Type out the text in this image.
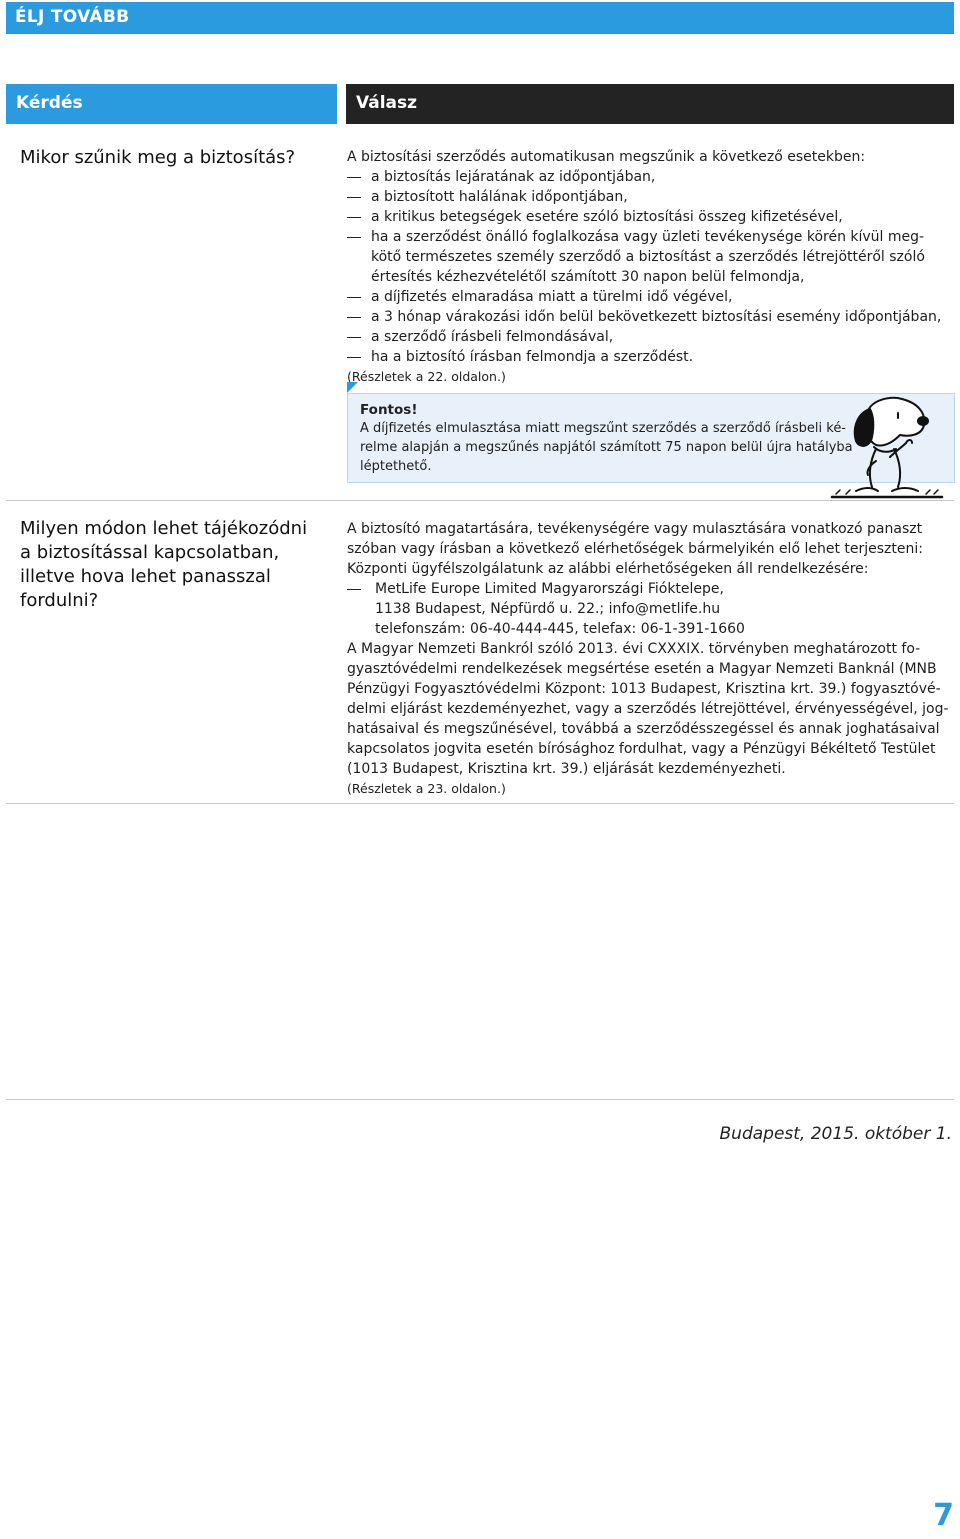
ÉLJ TOVÁBB
Kérdés	Válasz
Mikor szűnik meg a biztosítás?	A biztosítási szerződés automatikusan megszűnik a következő esetekben:
a biztosítás lejáratának az időpontjában,
a biztosított halálának időpontjában,
a kritikus betegségek esetére szóló biztosítási összeg kifizetésével,
ha a szerződést önálló foglalkozása vagy üzleti tevékenysége körén kívül meg-
kötő természetes személy szerződő a biztosítást a szerződés létrejöttéről szóló
értesítés kézhezvételétől számított 30 napon belül felmondja,
a díjfizetés elmaradása miatt a türelmi idő végével,
a 3 hónap várakozási időn belül bekövetkezett biztosítási esemény időpontjában,
a szerződő írásbeli felmondásával,
ha a biztosító írásban felmondja a szerződést.
(Részletek a 22. oldalon.)
Fontos!
A díjfizetés elmulasztása miatt megszűnt szerződés a szerződő írásbeli ké-
relme alapján a megszűnés napjától számított 75 napon belül újra hatályba
léptethető.
Milyen módon lehet tájékozódni a biztosítással kapcsolatban, illetve hova lehet panasszal fordulni?
A biztosító magatartására, tevékenységére vagy mulasztására vonatkozó panaszt
szóban vagy írásban a következő elérhetőségek bármelyikén elő lehet terjeszteni:
Központi ügyfélszolgálatunk az alábbi elérhetőségeken áll rendelkezésére:
MetLife Europe Limited Magyarországi Fióktelepe,
1138 Budapest, Népfürdő u. 22.; info@metlife.hu
telefonszám: 06-40-444-445, telefax: 06-1-391-1660
A Magyar Nemzeti Bankról szóló 2013. évi CXXXIX. törvényben meghatározott fo-
gyasztóvédelmi rendelkezések megsértése esetén a Magyar Nemzeti Banknál (MNB
Pénzügyi Fogyasztóvédelmi Központ: 1013 Budapest, Krisztina krt. 39.) fogyasztóvé-
delmi eljárást kezdeményezhet, vagy a szerződés létrejöttével, érvényességével, jog-
hatásaival és megszűnésével, továbbá a szerződésszegéssel és annak joghatásaival
kapcsolatos jogvita esetén bírósághoz fordulhat, vagy a Pénzügyi Békéltető Testület
(1013 Budapest, Krisztina krt. 39.) eljárását kezdeményezheti.
(Részletek a 23. oldalon.)
Budapest, 2015. október 1.
7
